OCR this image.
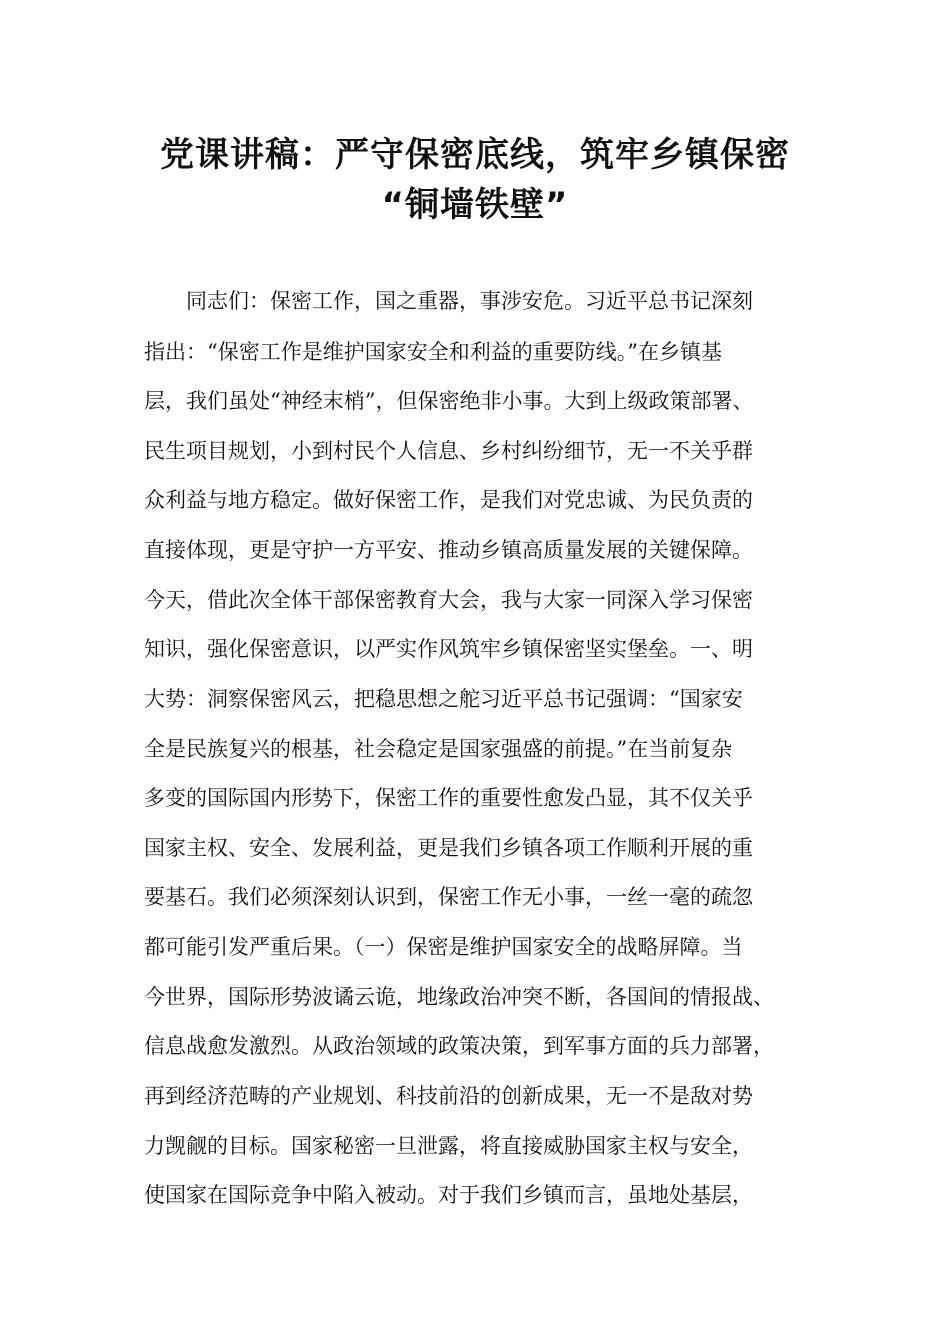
党课讲稿：严守保密底线，筑牢乡镇保密
“铜墙铁壁”
同志们：保密工作，国之重器，事涉安危。习近平总书记深刻
指出：“保密工作是维护国家安全和利益的重要防线。”在乡镇基
层，我们虽处“神经末梢”，但保密绝非小事。大到上级政策部署、
民生项目规划，小到村民个人信息、乡村纠纷细节，无一不关乎群
众利益与地方稳定。做好保密工作，是我们对党忠诚、为民负责的
直接体现，更是守护一方平安、推动乡镇高质量发展的关键保障。
今天，借此次全体干部保密教育大会，我与大家一同深入学习保密
知识，强化保密意识，以严实作风筑牢乡镇保密坚实堡垒。一、明
大势：洞察保密风云，把稳思想之舵习近平总书记强调：“国家安
全是民族复兴的根基，社会稳定是国家强盛的前提。”在当前复杂
多变的国际国内形势下，保密工作的重要性愈发凸显，其不仅关乎
国家主权、安全、发展利益，更是我们乡镇各项工作顺利开展的重
要基石。我们必须深刻认识到，保密工作无小事，一丝一毫的疏忽
都可能引发严重后果。（一）保密是维护国家安全的战略屏障。当
今世界，国际形势波谲云诡，地缘政治冲突不断，各国间的情报战、
信息战愈发激烈。从政治领域的政策决策，到军事方面的兵力部署，
再到经济范畴的产业规划、科技前沿的创新成果，无一不是敌对势
力觊觎的目标。国家秘密一旦泄露，将直接威胁国家主权与安全，
使国家在国际竞争中陷入被动。对于我们乡镇而言，虽地处基层，
